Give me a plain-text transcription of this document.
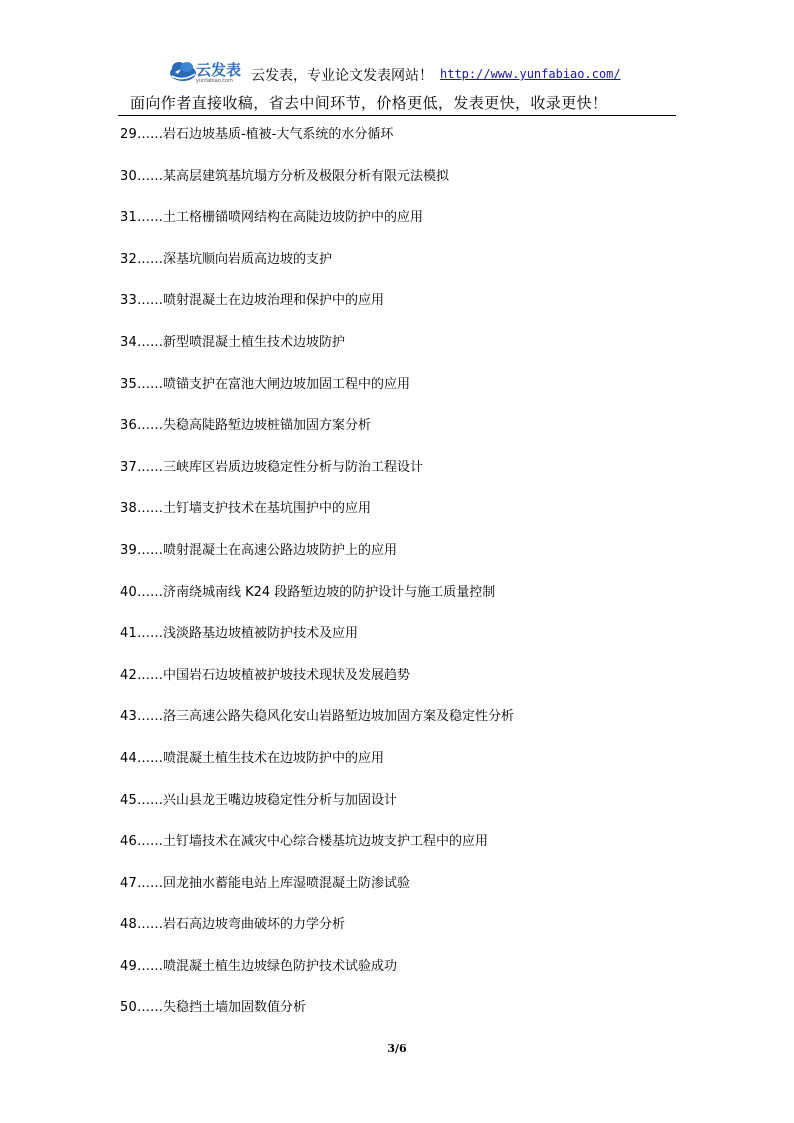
云发表
yunfabiao.com 云发表，专业论文发表网站！ http://www.yunfabiao.com/
面向作者直接收稿，省去中间环节，价格更低，发表更快，收录更快！
29……岩石边坡基质-植被-大气系统的水分循环
30……某高层建筑基坑塌方分析及极限分析有限元法模拟
31……土工格栅锚喷网结构在高陡边坡防护中的应用
32……深基坑顺向岩质高边坡的支护
33……喷射混凝土在边坡治理和保护中的应用
34……新型喷混凝土植生技术边坡防护
35……喷锚支护在富池大闸边坡加固工程中的应用
36……失稳高陡路堑边坡桩锚加固方案分析
37……三峡库区岩质边坡稳定性分析与防治工程设计
38……土钉墙支护技术在基坑围护中的应用
39……喷射混凝土在高速公路边坡防护上的应用
40……济南绕城南线 K24 段路堑边坡的防护设计与施工质量控制
41……浅淡路基边坡植被防护技术及应用
42……中国岩石边坡植被护坡技术现状及发展趋势
43……洛三高速公路失稳风化安山岩路堑边坡加固方案及稳定性分析
44……喷混凝土植生技术在边坡防护中的应用
45……兴山县龙王嘴边坡稳定性分析与加固设计
46……土钉墙技术在减灾中心综合楼基坑边坡支护工程中的应用
47……回龙抽水蓄能电站上库湿喷混凝土防渗试验
48……岩石高边坡弯曲破坏的力学分析
49……喷混凝土植生边坡绿色防护技术试验成功
50……失稳挡土墙加固数值分析
3/6
